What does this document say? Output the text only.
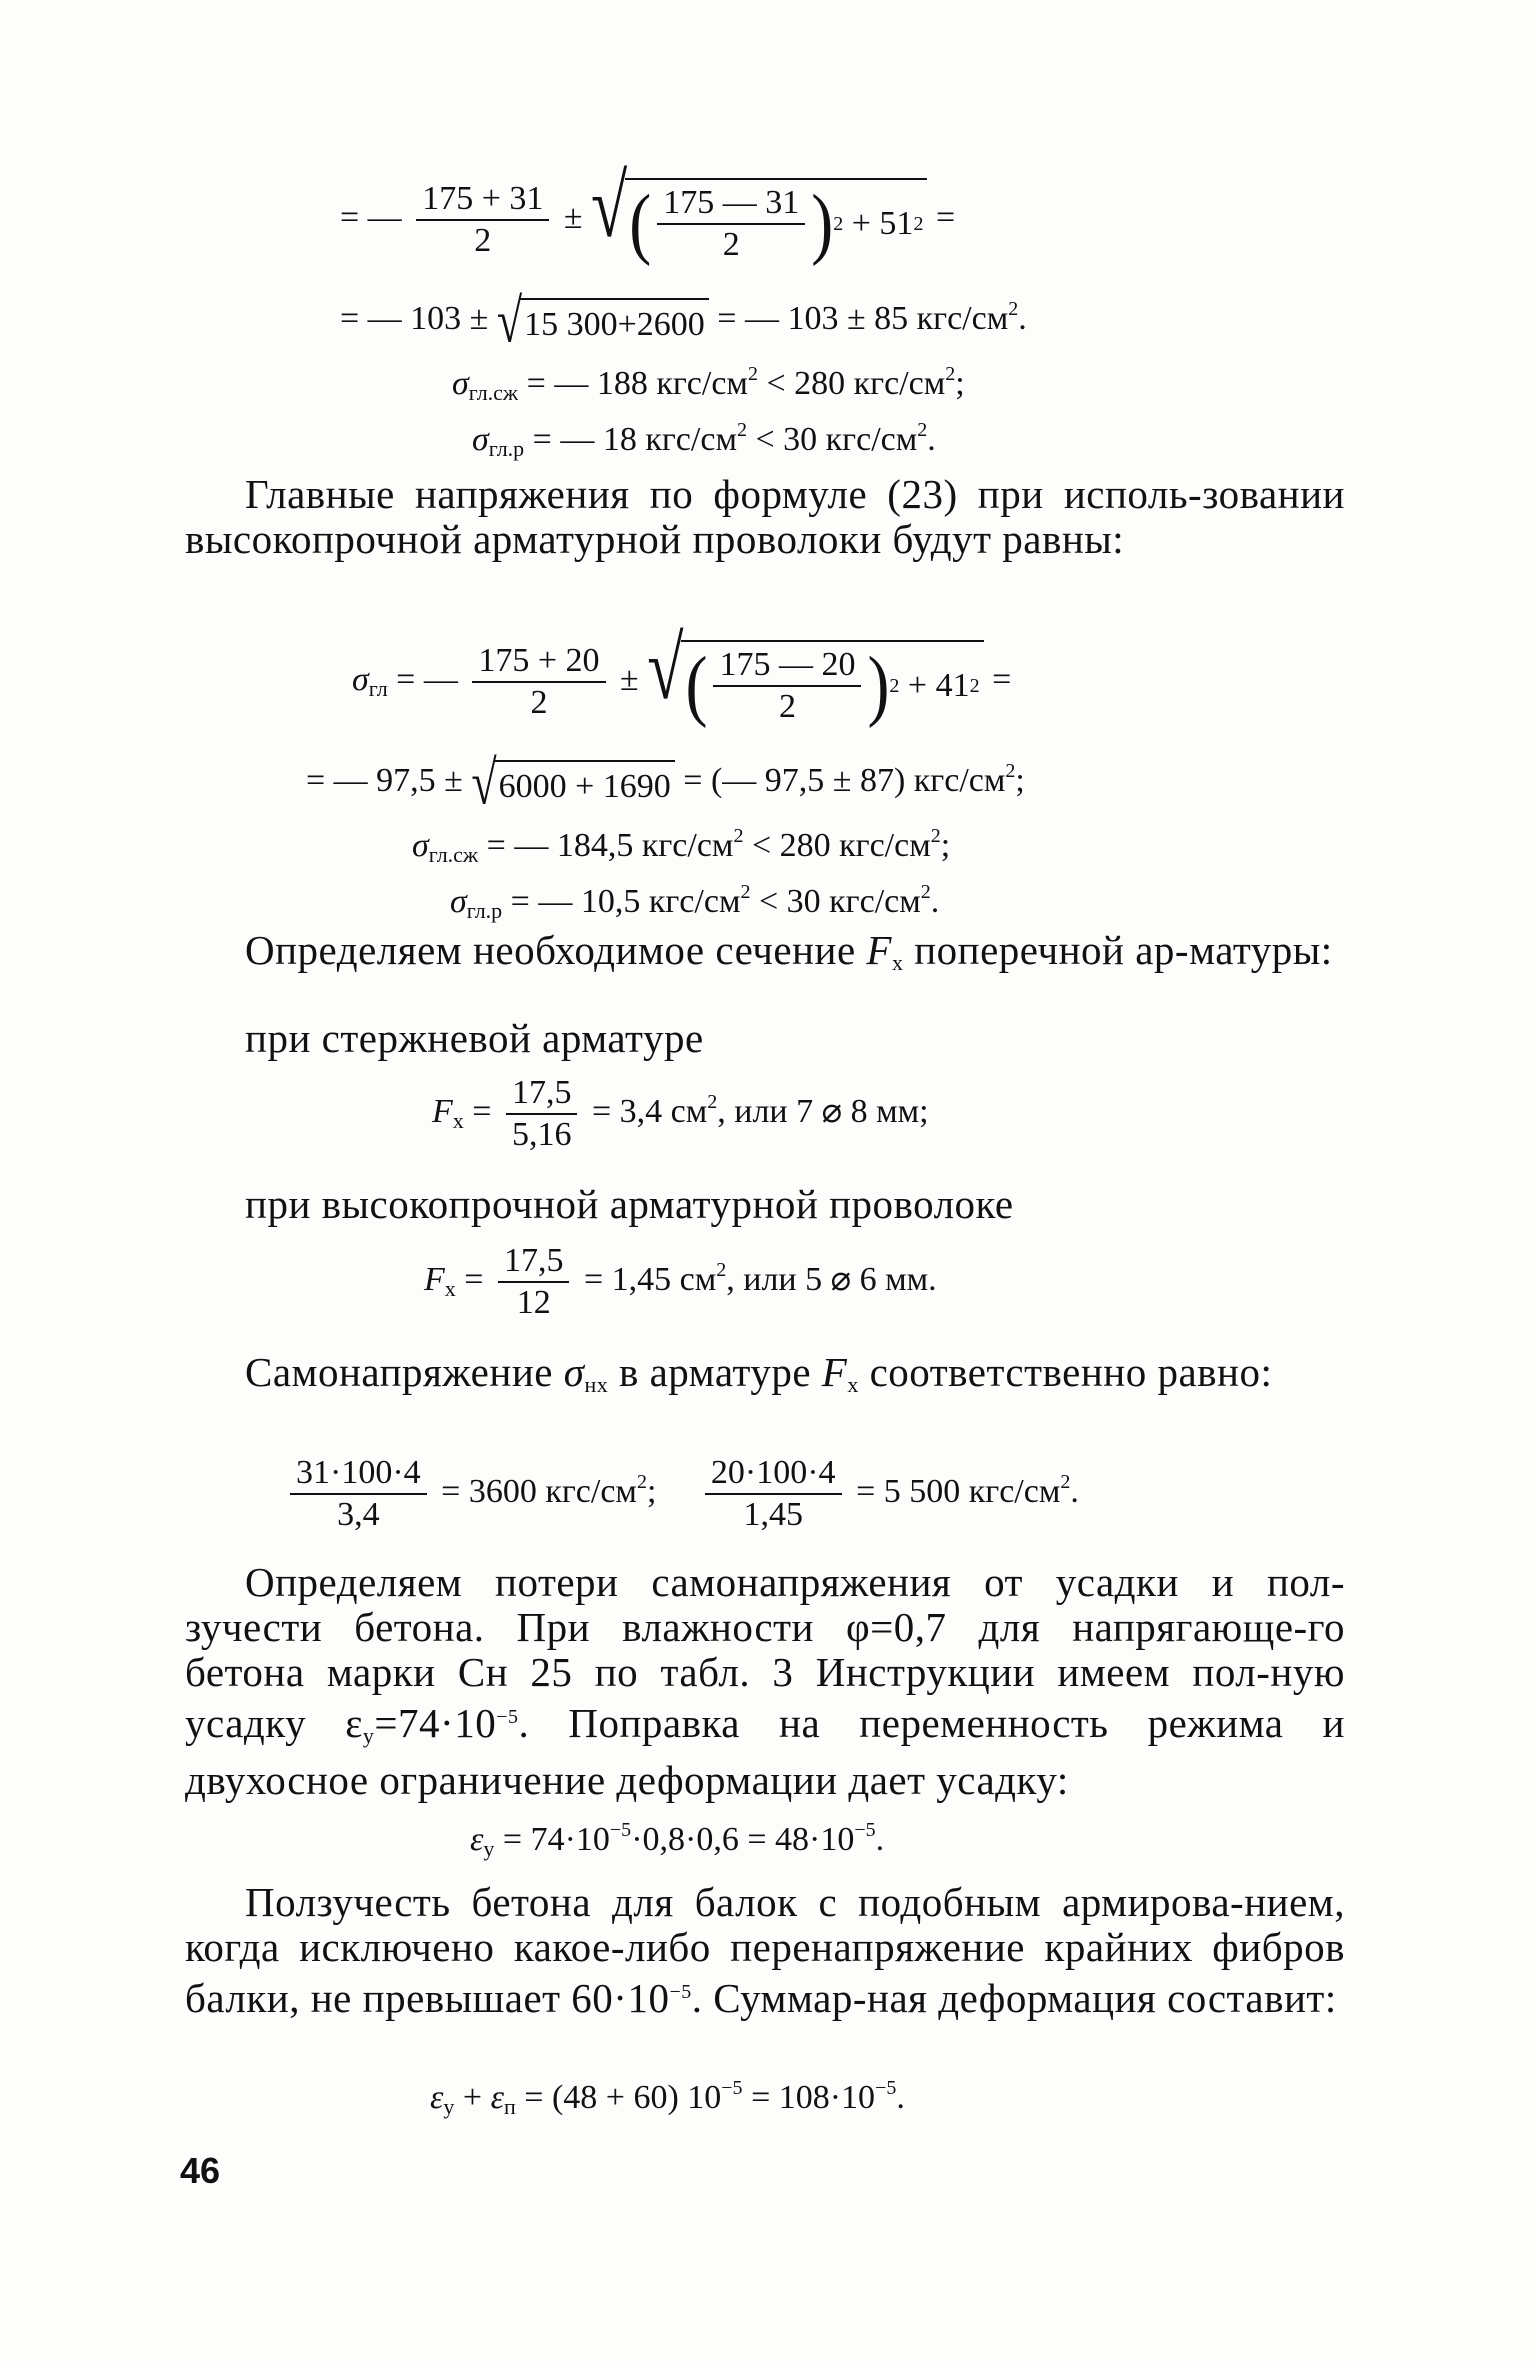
= — $\frac{175 + 31}{2}$ ± √ ( $\frac{175 — 31}{2}$ ) 2
+ 51 2 =
= — 103 ± √ 15 300+2600 = — 103 ± 85 кгс/$см^2$.
$\sigma_{гл.сж}$ = — 188 кгс/$см^2 < 280$ кгс/$см^2$;
$\sigma_{гл.р}$ = — 18 кгс/$см^2 < 30$ кгс/$см^2$.
Главные напряжения по формуле (23) при исполь-зовании высокопрочной арматурной проволоки будут равны:
$\sigma_{гл}$ = — $\frac{175 + 20}{2}$ ± √ ( $\frac{175 — 20}{2}$ ) 2
+ 41 2 =
= — 97,5 ± √ 6000 + 1690 = (— 97,5 ± 87) кгс/$см^2$;
$\sigma_{гл.сж}$ = — 184,5 кгс/$см^2 < 280$ кгс/$см^2$;
$\sigma_{гл.р}$ = — 10,5 кгс/$см^2 < 30$ кгс/$см^2$.
Определяем необходимое сечение $F_x$ поперечной ар-матуры:
при стержневой арматуре
$F_x = \frac{17,5}{5,16} = 3,4$ $см^2$, или 7 ⌀ 8 мм;
при высокопрочной арматурной проволоке
$F_x = \frac{17,5}{12} = 1,45$ $см^2$, или 5 ⌀ 6 мм.
Самонапряжение $\sigma_{нх}$ в арматуре $F_x$ соответственно равно:
$\frac{31\cdot 100\cdot 4}{3,4} = 3600$ кгс/$см^2$; $\frac{20\cdot 100\cdot 4}{1,45} = 5$ 500 кгс/$см^2$.
Определяем потери самонапряжения от усадки и пол-зучести бетона. При влажности φ=0,7 для напрягающе-го бетона марки Сн 25 по табл. 3 Инструкции имеем пол-ную усадку $\varepsilon_у=74\cdot 10^{-5}$. Поправка на переменность режима и двухосное ограничение деформации дает усадку:
$\varepsilon_у = 74\cdot 10^{-5}\cdot 0,8\cdot 0,6 = 48\cdot 10^{-5}$.
Ползучесть бетона для балок с подобным армирова-нием, когда исключено какое-либо перенапряжение крайних фибров балки, не превышает $60\cdot 10^{-5}$. Суммар-ная деформация составит:
$\varepsilon_у + \varepsilon_п = (48 + 60) 10^{-5} = 108\cdot 10^{-5}$.
46
